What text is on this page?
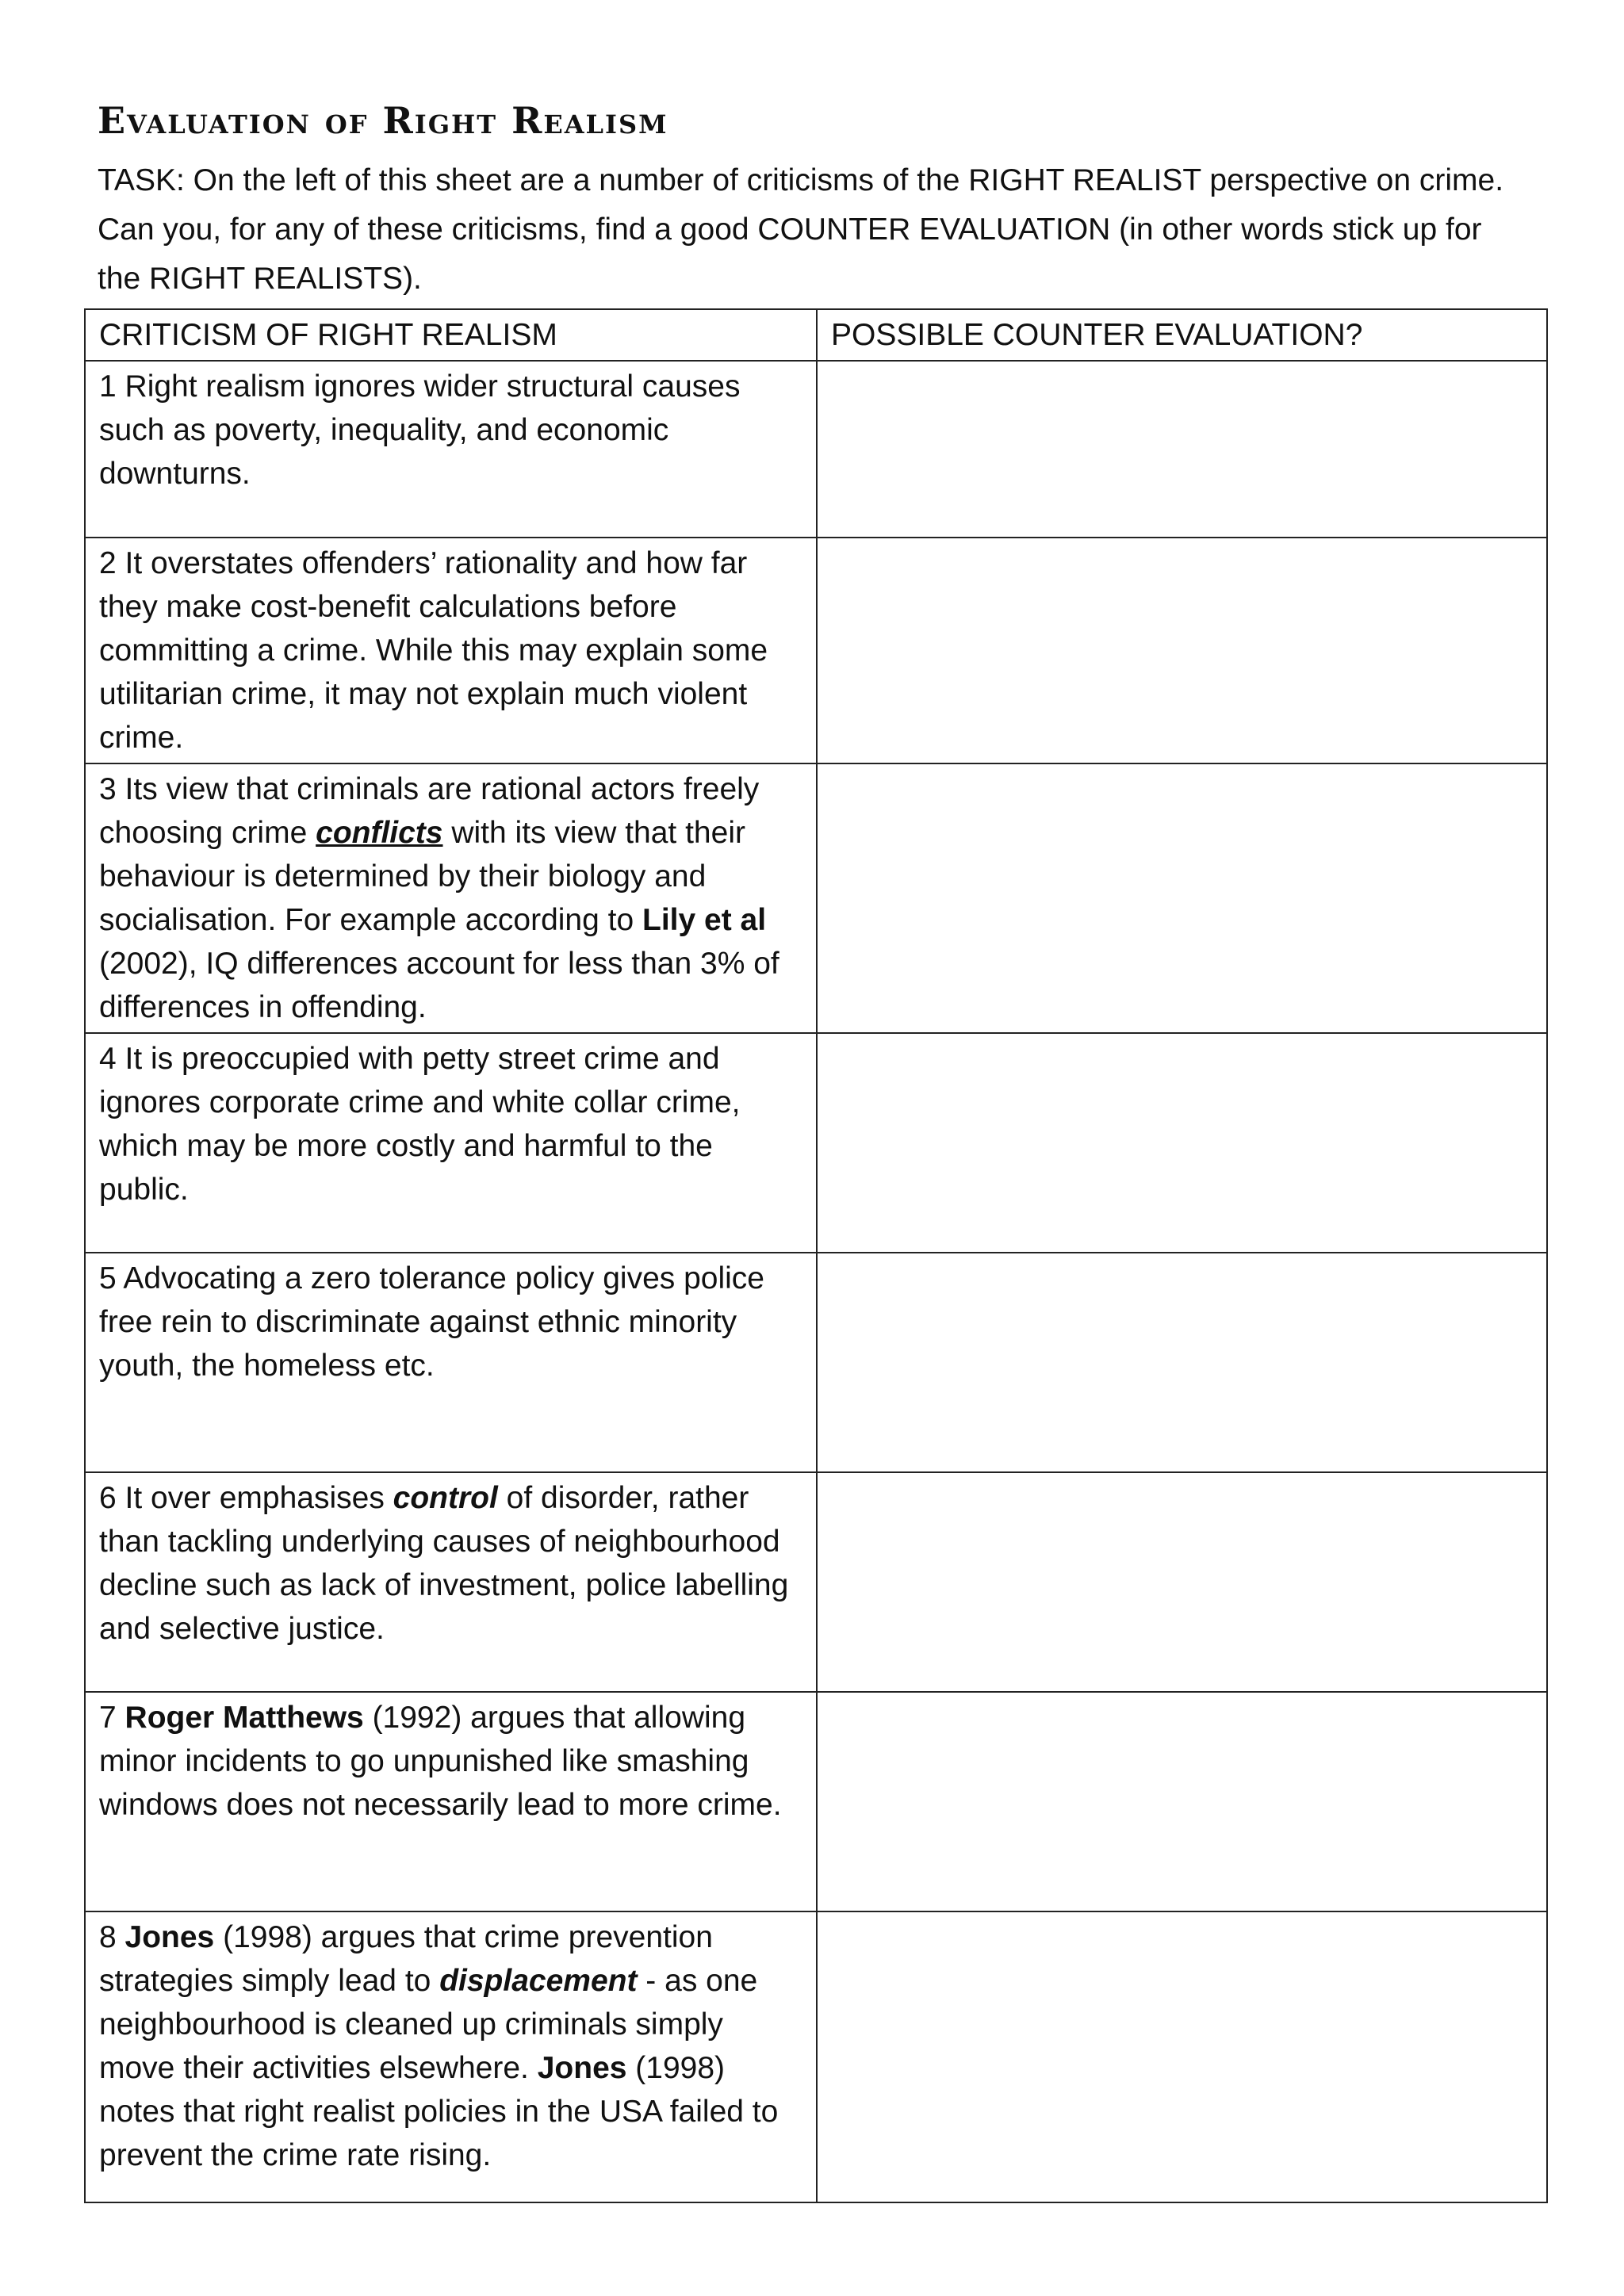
Evaluation of Right Realism

TASK: On the left of this sheet are a number of criticisms of the RIGHT REALIST perspective on crime. Can you, for any of these criticisms, find a good COUNTER EVALUATION (in other words stick up for the RIGHT REALISTS).

CRITICISM OF RIGHT REALISM	POSSIBLE COUNTER EVALUATION?
1 Right realism ignores wider structural causes such as poverty, inequality, and economic downturns.	
2 It overstates offenders’ rationality and how far they make cost-benefit calculations before committing a crime. While this may explain some utilitarian crime, it may not explain much violent crime.	
3 Its view that criminals are rational actors freely choosing crime conflicts with its view that their behaviour is determined by their biology and socialisation. For example according to Lily et al (2002), IQ differences account for less than 3% of differences in offending.	
4 It is preoccupied with petty street crime and ignores corporate crime and white collar crime, which may be more costly and harmful to the public.	
5 Advocating a zero tolerance policy gives police free rein to discriminate against ethnic minority youth, the homeless etc.	
6 It over emphasises control of disorder, rather than tackling underlying causes of neighbourhood decline such as lack of investment, police labelling and selective justice.	
7 Roger Matthews (1992) argues that allowing minor incidents to go unpunished like smashing windows does not necessarily lead to more crime.	
8 Jones (1998) argues that crime prevention strategies simply lead to displacement - as one neighbourhood is cleaned up criminals simply move their activities elsewhere. Jones (1998) notes that right realist policies in the USA failed to prevent the crime rate rising.	
